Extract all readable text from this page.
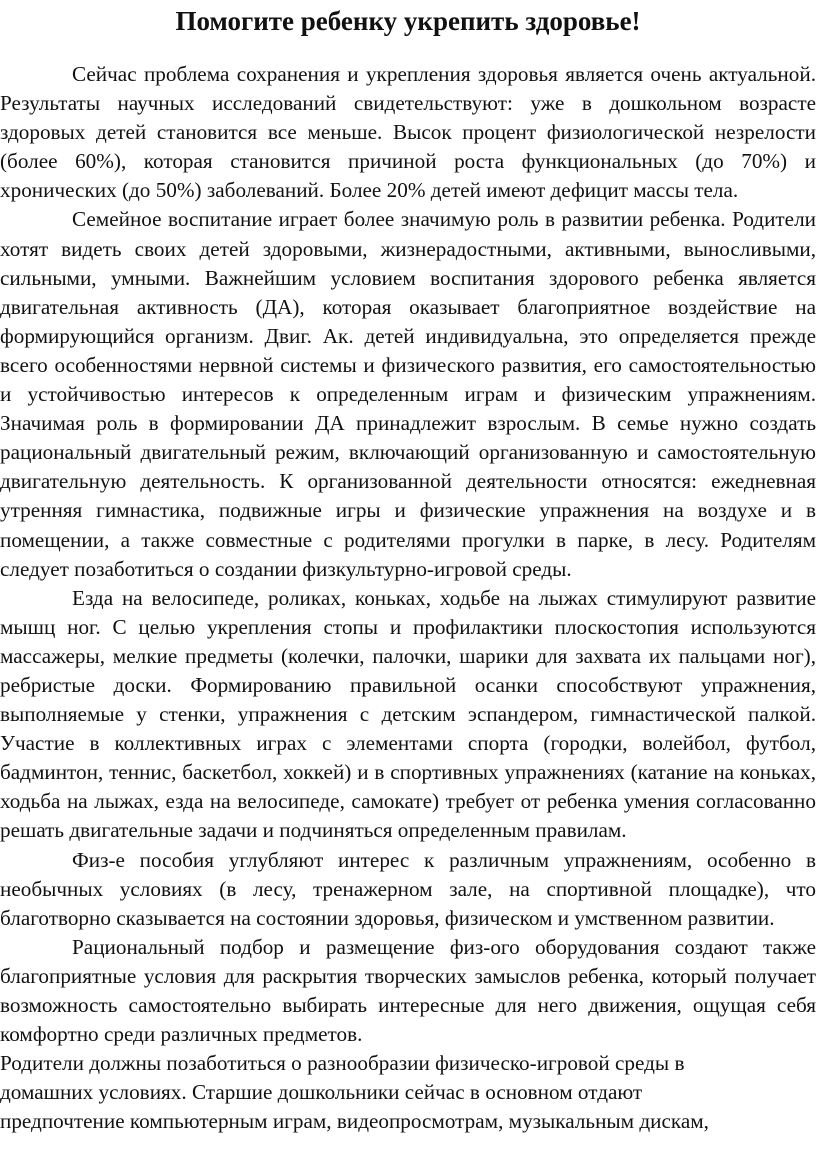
Помогите ребенку укрепить здоровье!

Сейчас проблема сохранения и укрепления здоровья является очень актуальной. Результаты научных исследований свидетельствуют: уже в дошкольном возрасте здоровых детей становится все меньше. Высок процент физиологической незрелости (более 60%), которая становится причиной роста функциональных (до 70%) и хронических (до 50%) заболеваний. Более 20% детей имеют дефицит массы тела.

Семейное воспитание играет более значимую роль в развитии ребенка. Родители хотят видеть своих детей здоровыми, жизнерадостными, активными, выносливыми, сильными, умными. Важнейшим условием воспитания здорового ребенка является двигательная активность (ДА), которая оказывает благоприятное воздействие на формирующийся организм. Двиг. Ак. детей индивидуальна, это определяется прежде всего особенностями нервной системы и физического развития, его самостоятельностью и устойчивостью интересов к определенным играм и физическим упражнениям. Значимая роль в формировании ДА принадлежит взрослым. В семье нужно создать рациональный двигательный режим, включающий организованную и самостоятельную двигательную деятельность. К организованной деятельности относятся: ежедневная утренняя гимнастика, подвижные игры и физические упражнения на воздухе и в помещении, а также совместные с родителями прогулки в парке, в лесу. Родителям следует позаботиться о создании физкультурно-игровой среды.

Езда на велосипеде, роликах, коньках, ходьбе на лыжах стимулируют развитие мышц ног. С целью укрепления стопы и профилактики плоскостопия используются массажеры, мелкие предметы (колечки, палочки, шарики для захвата их пальцами ног), ребристые доски. Формированию правильной осанки способствуют упражнения, выполняемые у стенки, упражнения с детским эспандером, гимнастической палкой. Участие в коллективных играх с элементами спорта (городки, волейбол, футбол, бадминтон, теннис, баскетбол, хоккей) и в спортивных упражнениях (катание на коньках, ходьба на лыжах, езда на велосипеде, самокате) требует от ребенка умения согласованно решать двигательные задачи и подчиняться определенным правилам.

Физ-е пособия углубляют интерес к различным упражнениям, особенно в необычных условиях (в лесу, тренажерном зале, на спортивной площадке), что благотворно сказывается на состоянии здоровья, физическом и умственном развитии.

Рациональный подбор и размещение физ-ого оборудования создают также благоприятные условия для раскрытия творческих замыслов ребенка, который получает возможность самостоятельно выбирать интересные для него движения, ощущая себя комфортно среди различных предметов.

Родители должны позаботиться о разнообразии физическо-игровой среды в

домашних условиях. Старшие дошкольники сейчас в основном отдают

предпочтение компьютерным играм, видеопросмотрам, музыкальным дискам,
